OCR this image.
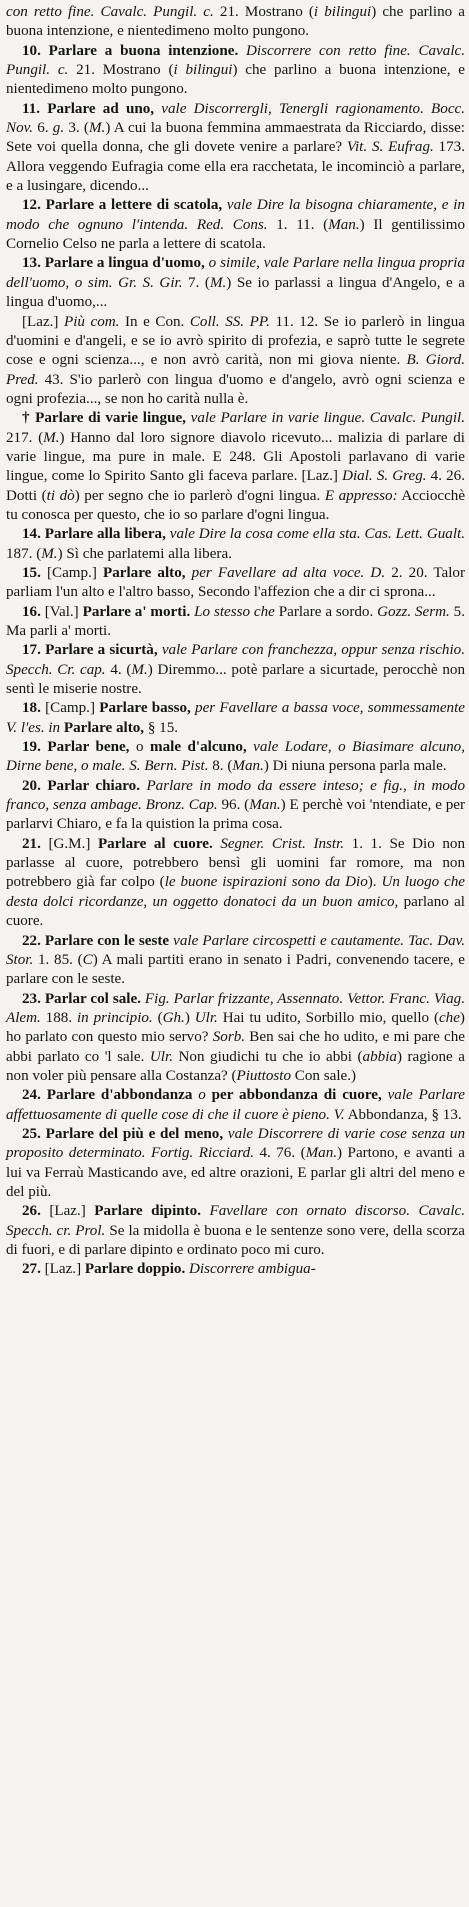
con retto fine. Cavalc. Pungil. c. 21. Mostrano (i bilingui) che parlino a buona intenzione, e nientedimeno molto pungono.

10. Parlare a buona intenzione. Discorrere con retto fine. Cavalc. Pungil. c. 21. Mostrano (i bilingui) che parlino a buona intenzione, e nientedimeno molto pungono.

11. Parlare ad uno, vale Discorrergli, Tenergli ragionamento. Bocc. Nov. 6. g. 3. (M.) A cui la buona femmina ammaestrata da Ricciardo, disse: Sete voi quella donna, che gli dovete venire a parlare? Vit. S. Eufrag. 173. Allora veggendo Eufragia come ella era racchetata, le incominciò a parlare, e a lusingare, dicendo...

12. Parlare a lettere di scatola, vale Dire la bisogna chiaramente, e in modo che ognuno l'intenda. Red. Cons. 1. 11. (Man.) Il gentilissimo Cornelio Celso ne parla a lettere di scatola.

13. Parlare a lingua d'uomo, o simile, vale Parlare nella lingua propria dell'uomo, o sim. Gr. S. Gir. 7. (M.) Se io parlassi a lingua d'Angelo, e a lingua d'uomo,...

[Laz.] Più com. In e Con. Coll. SS. PP. 11. 12. Se io parlerò in lingua d'uomini e d'angeli, e se io avrò spirito di profezia, e saprò tutte le segrete cose e ogni scienza..., e non avrò carità, non mi giova niente. B. Giord. Pred. 43. S'io parlerò con lingua d'uomo e d'angelo, avrò ogni scienza e ogni profezia..., se non ho carità nulla è.

† Parlare di varie lingue, vale Parlare in varie lingue. Cavalc. Pungil. 217. (M.) Hanno dal loro signore diavolo ricevuto... malizia di parlare di varie lingue, ma pure in male. E 248. Gli Apostoli parlavano di varie lingue, come lo Spirito Santo gli faceva parlare. [Laz.] Dial. S. Greg. 4. 26. Dotti (ti dò) per segno che io parlerò d'ogni lingua. E appresso: Acciocchè tu conosca per questo, che io so parlare d'ogni lingua.

14. Parlare alla libera, vale Dire la cosa come ella sta. Cas. Lett. Gualt. 187. (M.) Sì che parlatemi alla libera.

15. [Camp.] Parlare alto, per Favellare ad alta voce. D. 2. 20. Talor parliam l'un alto e l'altro basso, Secondo l'affezion che a dir ci sprona...

16. [Val.] Parlare a' morti. Lo stesso che Parlare a sordo. Gozz. Serm. 5. Ma parli a' morti.

17. Parlare a sicurtà, vale Parlare con franchezza, oppur senza rischio. Specch. Cr. cap. 4. (M.) Diremmo... potè parlare a sicurtade, perocchè non sentì le miserie nostre.

18. [Camp.] Parlare basso, per Favellare a bassa voce, sommessamente V. l'es. in Parlare alto, § 15.

19. Parlar bene, o male d'alcuno, vale Lodare, o Biasimare alcuno, Dirne bene, o male. S. Bern. Pist. 8. (Man.) Di niuna persona parla male.

20. Parlar chiaro. Parlare in modo da essere inteso; e fig., in modo franco, senza ambage. Bronz. Cap. 96. (Man.) E perchè voi 'ntendiate, e per parlarvi Chiaro, e fa la quistion la prima cosa.

21. [G.M.] Parlare al cuore. Segner. Crist. Instr. 1. 1. Se Dio non parlasse al cuore, potrebbero bensì gli uomini far romore, ma non potrebbero già far colpo (le buone ispirazioni sono da Dio). Un luogo che desta dolci ricordanze, un oggetto donatoci da un buon amico, parlano al cuore.

22. Parlare con le seste vale Parlare circospetti e cautamente. Tac. Dav. Stor. 1. 85. (C) A mali partiti erano in senato i Padri, convenendo tacere, e parlare con le seste.

23. Parlar col sale. Fig. Parlar frizzante, Assennato. Vettor. Franc. Viag. Alem. 188. in principio. (Gh.) Ulr. Hai tu udito, Sorbillo mio, quello (che) ho parlato con questo mio servo? Sorb. Ben sai che ho udito, e mi pare che abbi parlato co 'l sale. Ulr. Non giudichi tu che io abbi (abbia) ragione a non voler più pensare alla Costanza? (Piuttosto Con sale.)

24. Parlare d'abbondanza o per abbondanza di cuore, vale Parlare affettuosamente di quelle cose di che il cuore è pieno. V. Abbondanza, § 13.

25. Parlare del più e del meno, vale Discorrere di varie cose senza un proposito determinato. Fortig. Ricciard. 4. 76. (Man.) Partono, e avanti a lui va Ferraù Masticando ave, ed altre orazioni, E parlar gli altri del meno e del più.

26. [Laz.] Parlare dipinto. Favellare con ornato discorso. Cavalc. Specch. cr. Prol. Se la midolla è buona e le sentenze sono vere, della scorza di fuori, e di parlare dipinto e ordinato poco mi curo.

27. [Laz.] Parlare doppio. Discorrere ambigua-
